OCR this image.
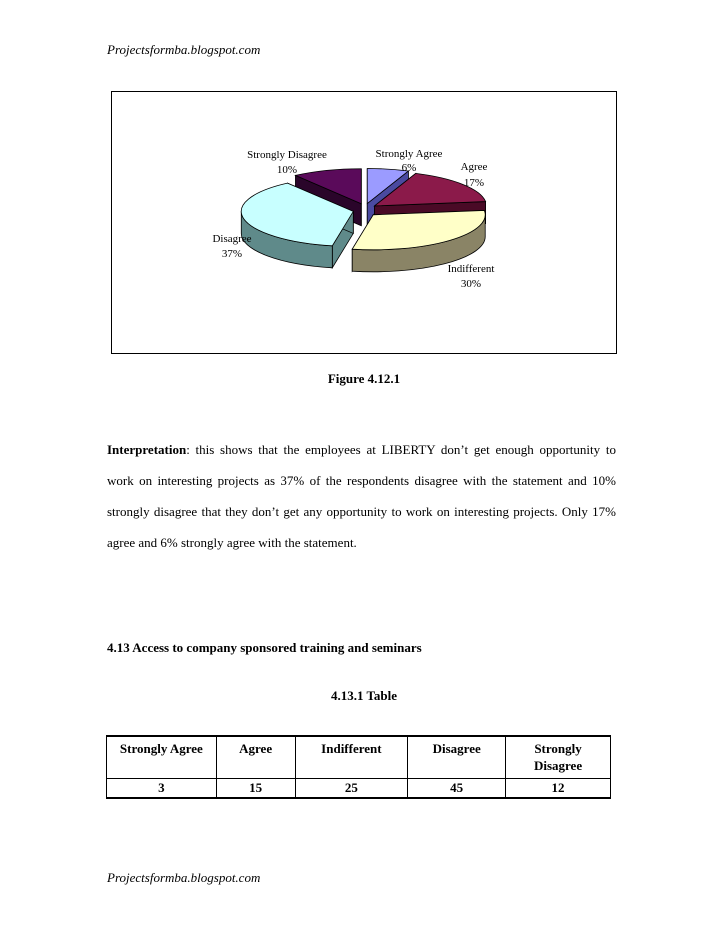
Projectsformba.blogspot.com
Strongly Agree
6%	Agree
17%
Indifferent
30%
Disagree
37%
Strongly Disagree
10%
Figure 4.12.1
Interpretation: this shows that the employees at LIBERTY don’t get enough opportunity to work on interesting projects as 37% of the respondents disagree with the statement and 10% strongly disagree that they don’t get any opportunity to work on interesting projects. Only 17% agree and 6% strongly agree with the statement.
4.13 Access to company sponsored training and seminars
4.13.1 Table
Strongly Agree	Agree	Indifferent	Disagree	Strongly Disagree
3	15	25	45	12
Projectsformba.blogspot.com
